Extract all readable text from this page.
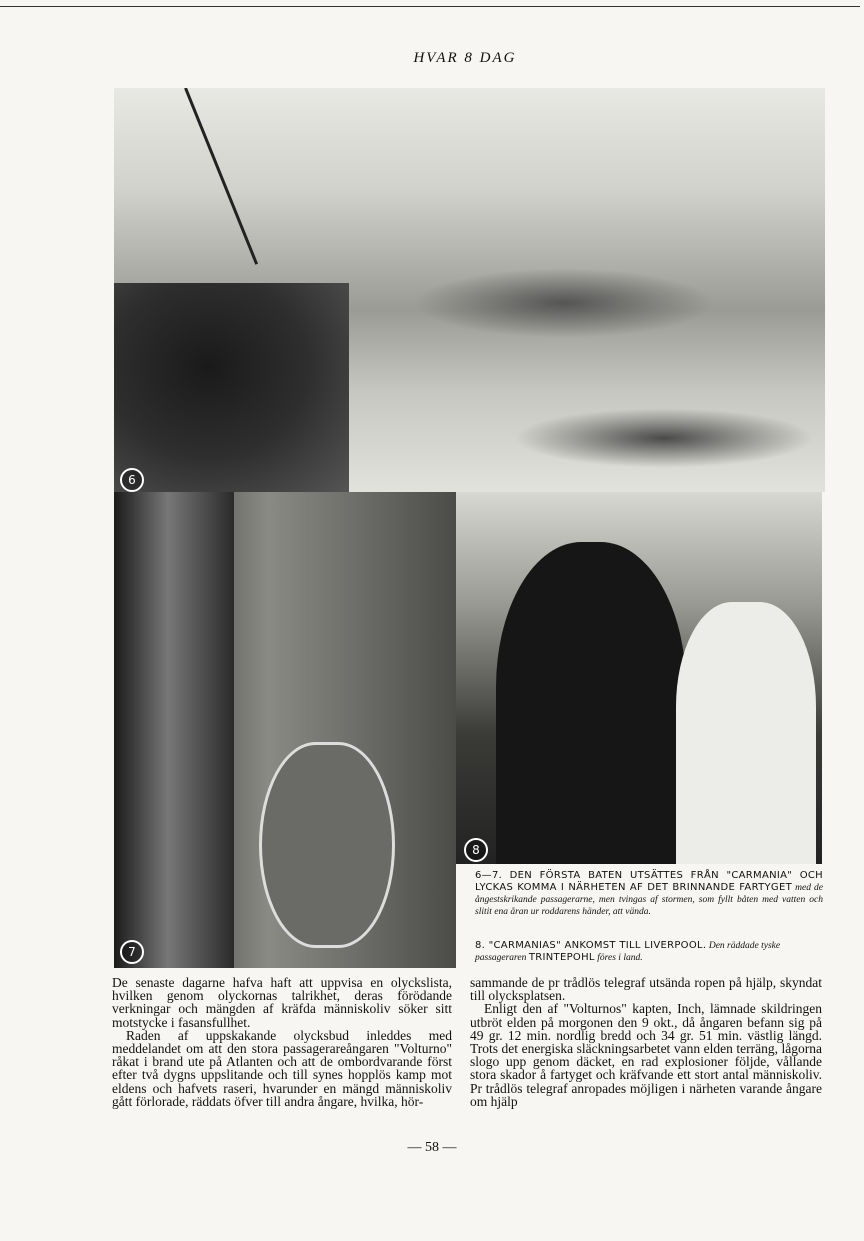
HVAR 8 DAG
6
7
8
6—7. DEN FÖRSTA BATEN UTSÄTTES FRÅN "CARMANIA" OCH LYCKAS KOMMA I NÄRHETEN AF DET BRINNANDE FARTYGET med de ångestskrikande passagerarne, men tvingas af stormen, som fyllt båten med vatten och slitit ena åran ur roddarens händer, att vända.
8. "CARMANIAS" ANKOMST TILL LIVERPOOL. Den räddade tyske passageraren TRINTEPOHL föres i land.

De senaste dagarne hafva haft att uppvisa en olyckslista, hvilken genom olyckornas talrikhet, deras förödande verkningar och mängden af kräfda människoliv söker sitt motstycke i fasansfullhet.

Raden af uppskakande olycksbud inleddes med meddelandet om att den stora passagerareångaren "Volturno" råkat i brand ute på Atlanten och att de ombordvarande först efter två dygns uppslitande och till synes hopplös kamp mot eldens och hafvets raseri, hvarunder en mängd människoliv gått förlorade, räddats öfver till andra ångare, hvilka, hör-

sammande de pr trådlös telegraf utsända ropen på hjälp, skyndat till olycksplatsen.

Enligt den af "Volturnos" kapten, Inch, lämnade skildringen utbröt elden på morgonen den 9 okt., då ångaren befann sig på 49 gr. 12 min. nordlig bredd och 34 gr. 51 min. västlig längd. Trots det energiska släckningsarbetet vann elden terräng, lågorna slogo upp genom däcket, en rad explosioner följde, vållande stora skador å fartyget och kräfvande ett stort antal människoliv. Pr trådlös telegraf anropades möjligen i närheten varande ångare om hjälp

— 58 —
